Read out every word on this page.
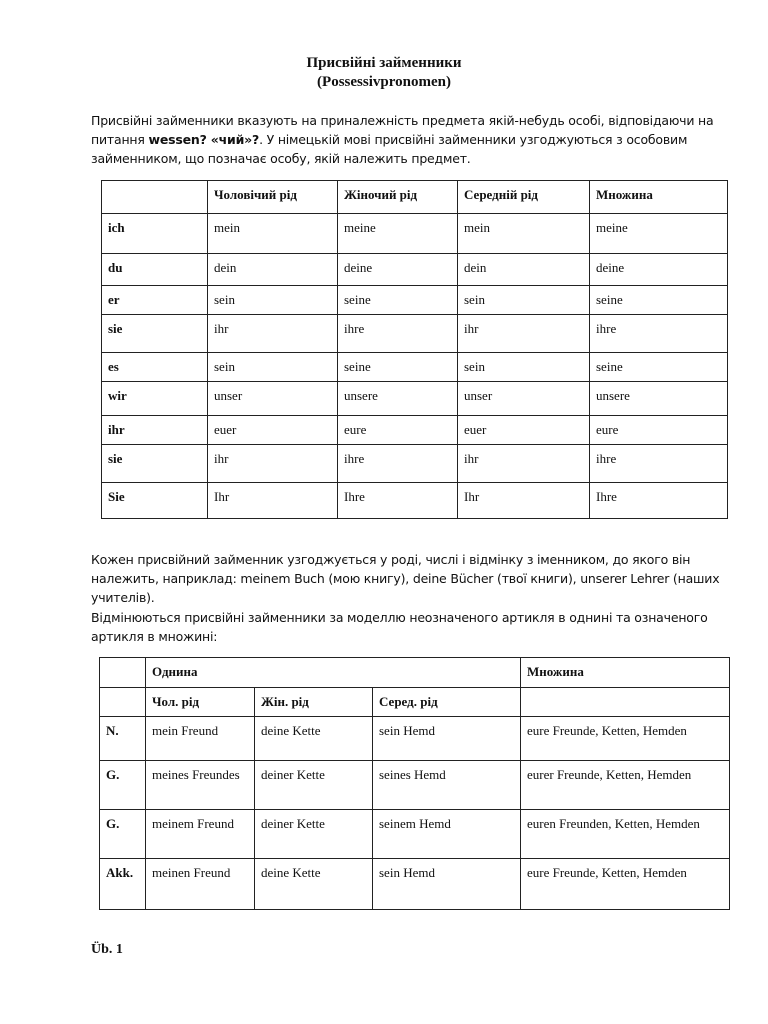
Присвійні займенники
(Possessivpronomen)
Присвійні займенники вказують на приналежність предмета якій-небудь особі, відповідаючи на питання wessen? «чий»?. У німецькій мові присвійні займенники узгоджуються з особовим займенником, що позначає особу, якій належить предмет.
	Чоловічий рід	Жіночий рід	Середній рід	Множина
ich	mein	meine	mein	meine
du	dein	deine	dein	deine
er	sein	seine	sein	seine
sie	ihr	ihre	ihr	ihre
es	sein	seine	sein	seine
wir	unser	unsere	unser	unsere
ihr	euer	eure	euer	eure
sie	ihr	ihre	ihr	ihre
Sie	Ihr	Ihre	Ihr	Ihre
Кожен присвійний займенник узгоджується у роді, числі і відмінку з іменником, до якого він належить, наприклад: meinem Buch (мою книгу), deine Bücher (твої книги), unserer Lehrer (наших учителів).
Відмінюються присвійні займенники за моделлю неозначеного артикля в однині та означеного артикля в множині:
	Однина			Множина
	Чол. рід	Жін. рід	Серед. рід	
N.	mein Freund	deine Kette	sein Hemd	eure Freunde, Ketten, Hemden
G.	meines Freundes	deiner Kette	seines Hemd	eurer Freunde, Ketten, Hemden
G.	meinem Freund	deiner Kette	seinem Hemd	euren Freunden, Ketten, Hemden
Akk.	meinen Freund	deine Kette	sein Hemd	eure Freunde, Ketten, Hemden
Üb. 1
